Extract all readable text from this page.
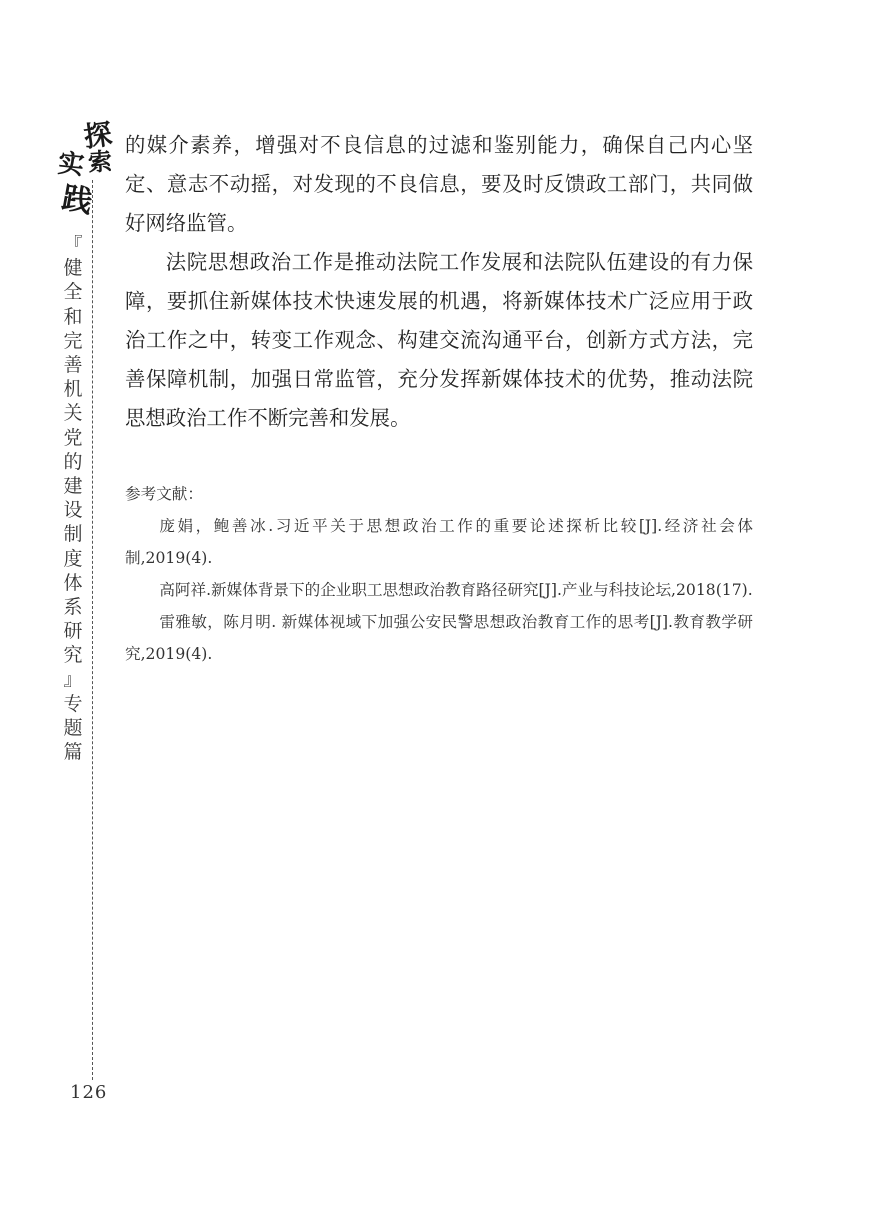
探
实 索
践
『
健全和完善机关党的建设制度体系研究
』
专题篇
126

的媒介素养，增强对不良信息的过滤和鉴别能力，确保自己内心坚定、意志不动摇，对发现的不良信息，要及时反馈政工部门，共同做好网络监管。

法院思想政治工作是推动法院工作发展和法院队伍建设的有力保障，要抓住新媒体技术快速发展的机遇，将新媒体技术广泛应用于政治工作之中，转变工作观念、构建交流沟通平台，创新方式方法，完善保障机制，加强日常监管，充分发挥新媒体技术的优势，推动法院思想政治工作不断完善和发展。

参考文献：

庞娟，鲍善冰.习近平关于思想政治工作的重要论述探析比较[J].经济社会体制,2019(4).

高阿祥.新媒体背景下的企业职工思想政治教育路径研究[J].产业与科技论坛,2018(17).

雷雅敏，陈月明. 新媒体视域下加强公安民警思想政治教育工作的思考[J].教育教学研究,2019(4).
